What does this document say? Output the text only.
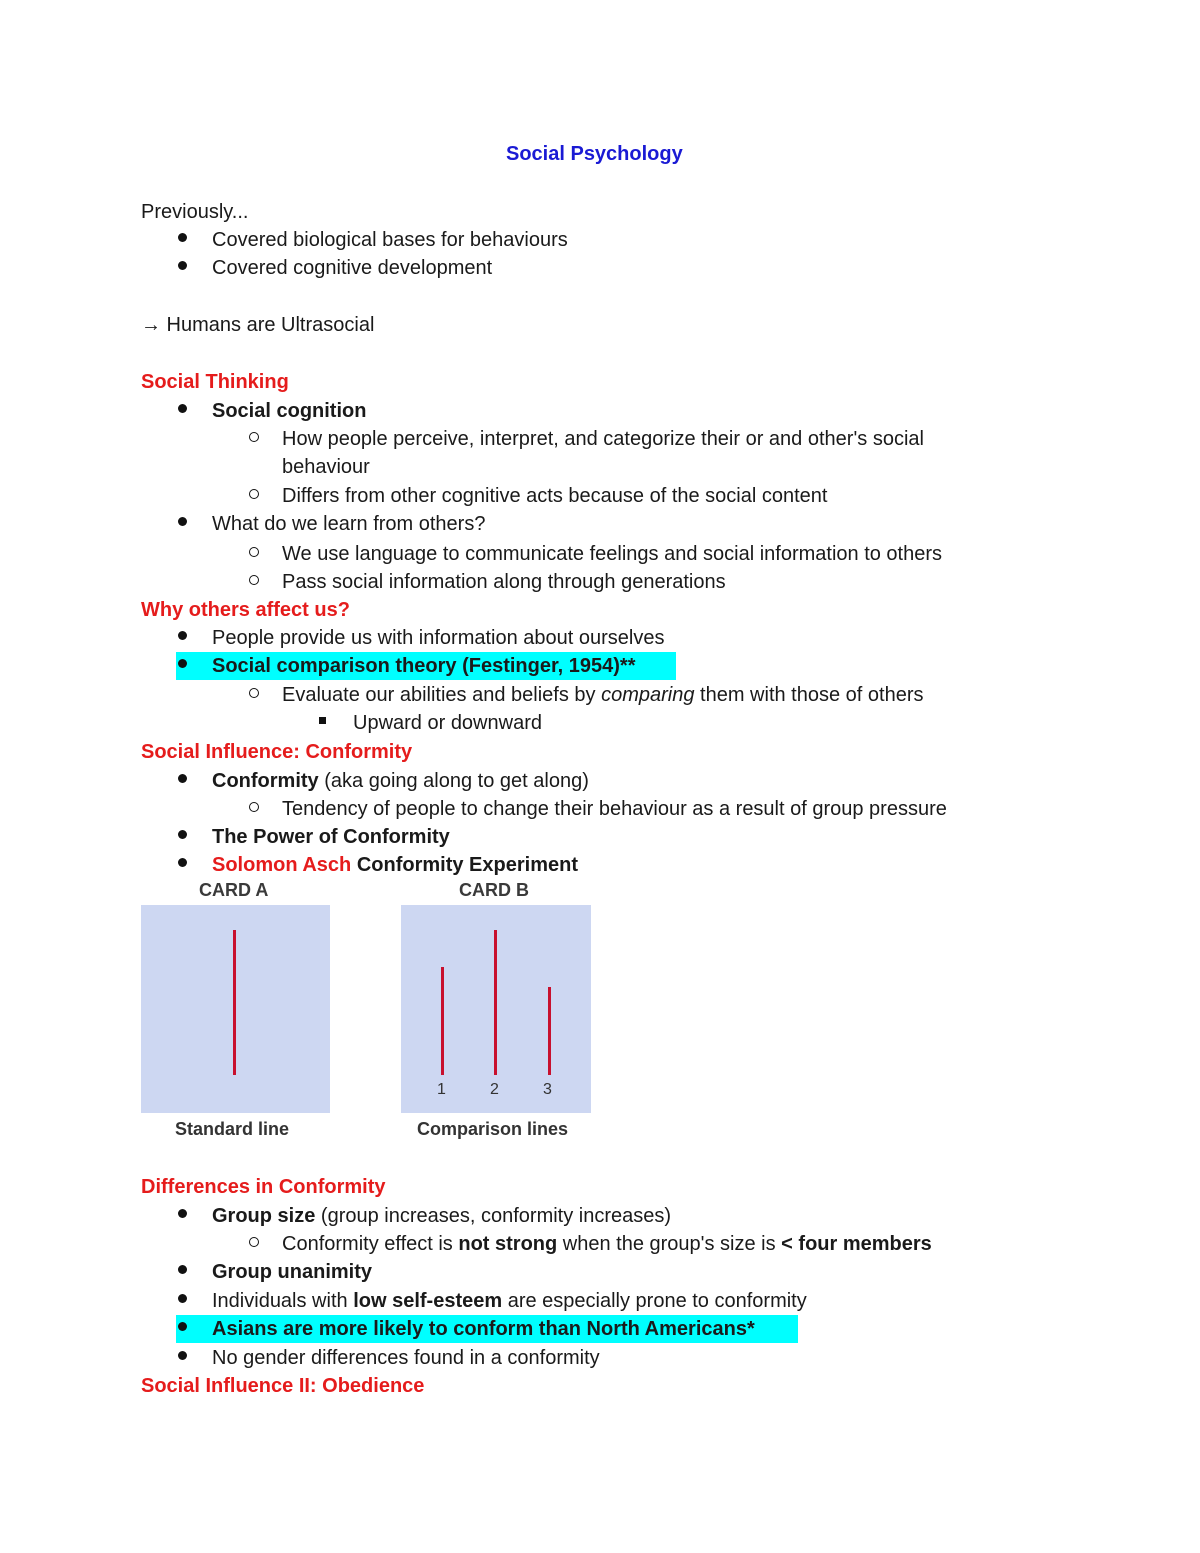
Social Psychology
Previously...
Covered biological bases for behaviours
Covered cognitive development
→ Humans are Ultrasocial
Social Thinking
Social cognition
How people perceive, interpret, and categorize their or and other's social
behaviour
Differs from other cognitive acts because of the social content
What do we learn from others?
We use language to communicate feelings and social information to others
Pass social information along through generations
Why others affect us?
People provide us with information about ourselves
Social comparison theory (Festinger, 1954)**
Evaluate our abilities and beliefs by comparing them with those of others
Upward or downward
Social Influence: Conformity
Conformity (aka going along to get along)
Tendency of people to change their behaviour as a result of group pressure
The Power of Conformity
Solomon Asch Conformity Experiment
CARD A	CARD B
1	2	3
Standard line	Comparison lines
Differences in Conformity
Group size (group increases, conformity increases)
Conformity effect is not strong when the group's size is < four members
Group unanimity
Individuals with low self-esteem are especially prone to conformity
Asians are more likely to conform than North Americans*
No gender differences found in a conformity
Social Influence II: Obedience
